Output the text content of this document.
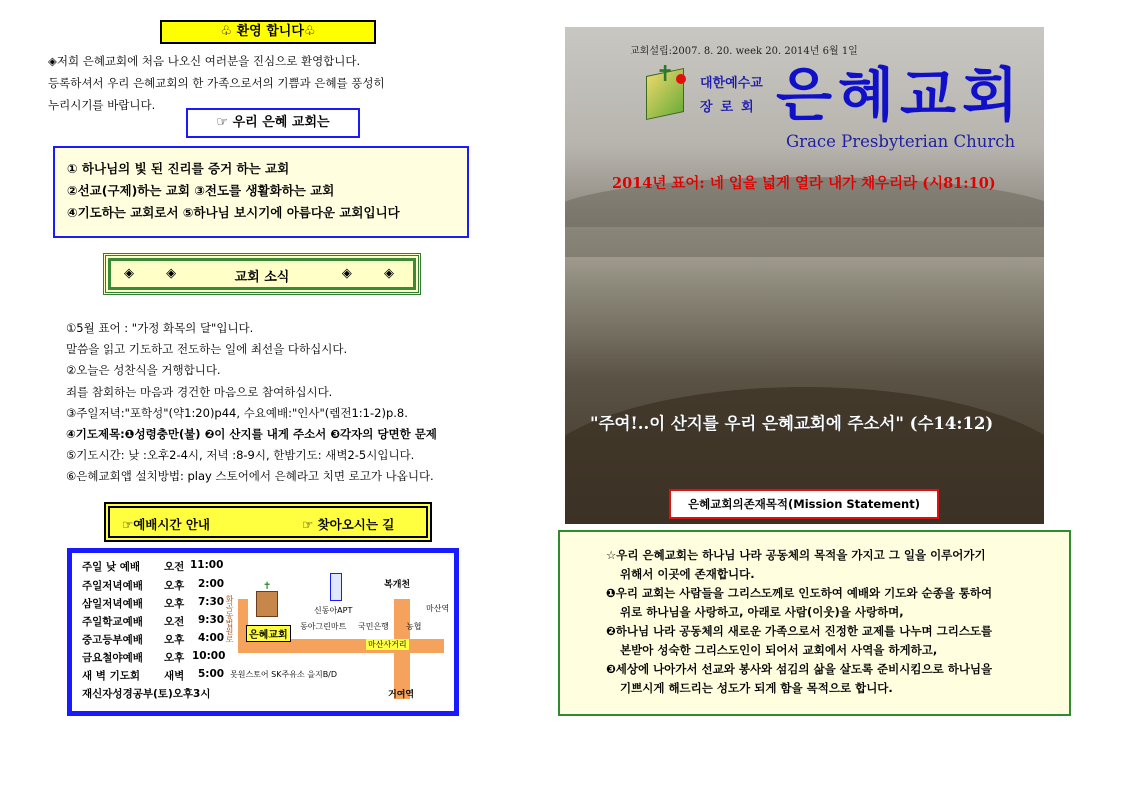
♧ 환영 합니다♧
◈저희 은혜교회에 처음 나오신 여러분을 진심으로 환영합니다.
등록하셔서 우리 은혜교회의 한 가족으로서의 기쁨과 은혜를 풍성히
누리시기를 바랍니다.
☞ 우리 은혜 교회는
① 하나님의 빛 된 진리를 증거 하는 교회
②선교(구제)하는 교회 ③전도를 생활화하는 교회
④기도하는 교회로서 ⑤하나님 보시기에 아름다운 교회입니다
◈ ◈	교회 소식	◈ ◈
①5월 표어 : "가정 화목의 달"입니다.
말씀을 읽고 기도하고 전도하는 일에 최선을 다하십시다.
②오늘은 성찬식을 거행합니다.
죄를 참회하는 마음과 경건한 마음으로 참여하십시다.
③주일저녁:"포학성"(약1:20)p44, 수요예배:"인사"(렘전1:1-2)p.8.
④기도제목:❶성령충만(불) ❷이 산지를 내게 주소서 ❸각자의 당면한 문제
⑤기도시간: 낮 :오후2-4시, 저녁 :8-9시, 한밤기도: 새벽2-5시입니다.
⑥은혜교회앱 설치방법: play 스토어에서 은혜라고 치면 로고가 나옵니다.
☞예배시간 안내	☞ 찾아오시는 길
주일 낮 예배 오전 11:00
주일저녁예배 오후 2:00
삼일저녁예배 오후 7:30
주일학교예배 오전 9:30
중고등부예배 오후 4:00
금요철야예배 오후 10:00
새 벽 기도회 새벽 5:00
재신자성경공부(토)오후3시
✝
은혜교회
화곡동법원로	신동아APT
복개천
마산역
동아그린마트 국민은행 농협
마산사거리
못원스토어 SK주유소 을지B/D
거여역
교회설립:2007. 8. 20. week 20. 2014년 6월 1일
✝ 대한예수교
장로회 은혜교회
Grace Presbyterian Church
2014년 표어: 네 입을 넓게 열라 내가 채우리라 (시81:10)
"주여!..이 산지를 우리 은혜교회에 주소서" (수14:12)
은혜교회의존재목적(Mission Statement)
☆우리 은혜교회는 하나님 나라 공동체의 목적을 가지고 그 일을 이루어가기
위해서 이곳에 존재합니다.
❶우리 교회는 사람들을 그리스도께로 인도하여 예배와 기도와 순종을 통하여
위로 하나님을 사랑하고, 아래로 사람(이웃)을 사랑하며,
❷하나님 나라 공동체의 새로운 가족으로서 진정한 교제를 나누며 그리스도를
본받아 성숙한 그리스도인이 되어서 교회에서 사역을 하게하고,
❸세상에 나아가서 선교와 봉사와 섬김의 삶을 살도록 준비시킴으로 하나님을
기쁘시게 해드리는 성도가 되게 함을 목적으로 합니다.
